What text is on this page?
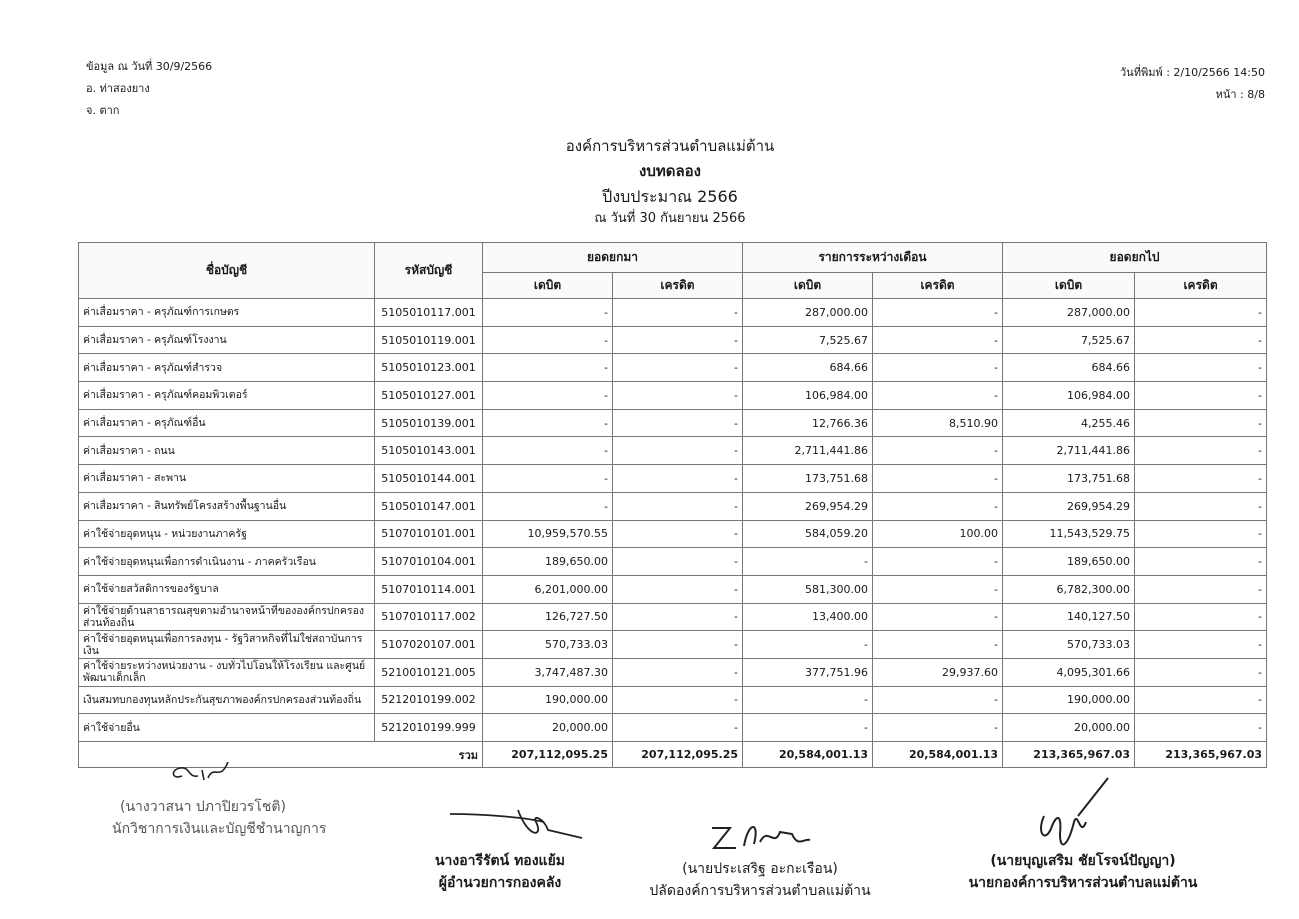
ข้อมูล ณ วันที่ 30/9/2566
อ. ท่าสองยาง
จ. ตาก
วันที่พิมพ์ : 2/10/2566 14:50
หน้า : 8/8
องค์การบริหารส่วนตำบลแม่ต้าน
งบทดลอง
ปีงบประมาณ 2566
ณ วันที่ 30 กันยายน 2566
ชื่อบัญชี	รหัสบัญชี	ยอดยกมา		รายการระหว่างเดือน		ยอดยกไป	
		เดบิต	เครดิต	เดบิต	เครดิต	เดบิต	เครดิต
ค่าเสื่อมราคา - ครุภัณฑ์การเกษตร	5105010117.001	-	-	287,000.00	-	287,000.00	-
ค่าเสื่อมราคา - ครุภัณฑ์โรงงาน	5105010119.001	-	-	7,525.67	-	7,525.67	-
ค่าเสื่อมราคา - ครุภัณฑ์สำรวจ	5105010123.001	-	-	684.66	-	684.66	-
ค่าเสื่อมราคา - ครุภัณฑ์คอมพิวเตอร์	5105010127.001	-	-	106,984.00	-	106,984.00	-
ค่าเสื่อมราคา - ครุภัณฑ์อื่น	5105010139.001	-	-	12,766.36	8,510.90	4,255.46	-
ค่าเสื่อมราคา - ถนน	5105010143.001	-	-	2,711,441.86	-	2,711,441.86	-
ค่าเสื่อมราคา - สะพาน	5105010144.001	-	-	173,751.68	-	173,751.68	-
ค่าเสื่อมราคา - สินทรัพย์โครงสร้างพื้นฐานอื่น	5105010147.001	-	-	269,954.29	-	269,954.29	-
ค่าใช้จ่ายอุดหนุน - หน่วยงานภาครัฐ	5107010101.001	10,959,570.55	-	584,059.20	100.00	11,543,529.75	-
ค่าใช้จ่ายอุดหนุนเพื่อการดำเนินงาน - ภาคครัวเรือน	5107010104.001	189,650.00	-	-	-	189,650.00	-
ค่าใช้จ่ายสวัสดิการของรัฐบาล	5107010114.001	6,201,000.00	-	581,300.00	-	6,782,300.00	-
ค่าใช้จ่ายด้านสาธารณสุขตามอำนาจหน้าที่ขององค์กรปกครองส่วนท้องถิ่น	5107010117.002	126,727.50	-	13,400.00	-	140,127.50	-
ค่าใช้จ่ายอุดหนุนเพื่อการลงทุน - รัฐวิสาหกิจที่ไม่ใช่สถาบันการเงิน	5107020107.001	570,733.03	-	-	-	570,733.03	-
ค่าใช้จ่ายระหว่างหน่วยงาน - งบทั่วไปโอนให้โรงเรียน และศูนย์พัฒนาเด็กเล็ก	5210010121.005	3,747,487.30	-	377,751.96	29,937.60	4,095,301.66	-
เงินสมทบกองทุนหลักประกันสุขภาพองค์กรปกครองส่วนท้องถิ่น	5212010199.002	190,000.00	-	-	-	190,000.00	-
ค่าใช้จ่ายอื่น	5212010199.999	20,000.00	-	-	-	20,000.00	-
รวม		207,112,095.25	207,112,095.25	20,584,001.13	20,584,001.13	213,365,967.03	213,365,967.03
(นางวาสนา ปภาปิยวรโชติ)
นักวิชาการเงินและบัญชีชำนาญการ
นางอารีรัตน์ ทองแย้ม
ผู้อำนวยการกองคลัง
(นายประเสริฐ อะกะเรือน)
ปลัดองค์การบริหารส่วนตำบลแม่ต้าน
(นายบุญเสริม ชัยโรจน์ปัญญา)
นายกองค์การบริหารส่วนตำบลแม่ต้าน
